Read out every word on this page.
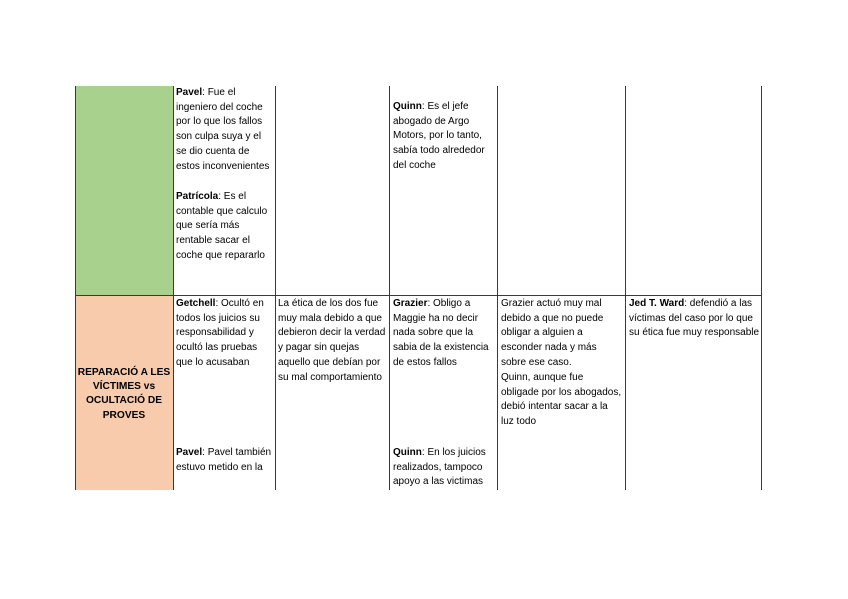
Pavel: Fue el ingeniero del coche por lo que los fallos son culpa suya y el se dio cuenta de estos inconvenientes
Patrícola: Es el contable que calculo que sería más rentable sacar el coche que repararlo
Quinn: Es el jefe abogado de Argo Motors, por lo tanto, sabía todo alrededor del coche
REPARACIÓ A LES VÍCTIMES vs OCULTACIÓ DE PROVES
Getchell: Ocultó en todos los juicios su responsabilidad y ocultó las pruebas que lo acusaban
Pavel: Pavel también estuvo metido en la
La ética de los dos fue muy mala debido a que debieron decir la verdad y pagar sin quejas aquello que debían por su mal comportamiento
Grazier: Obligo a Maggie ha no decir nada sobre que la sabia de la existencia de estos fallos
Quinn: En los juicios realizados, tampoco apoyo a las victimas
Grazier actuó muy mal debido a que no puede obligar a alguien a esconder nada y más sobre ese caso.
Quinn, aunque fue obligade por los abogados, debió intentar sacar a la luz todo
Jed T. Ward: defendió a las víctimas del caso por lo que su ética fue muy responsable
